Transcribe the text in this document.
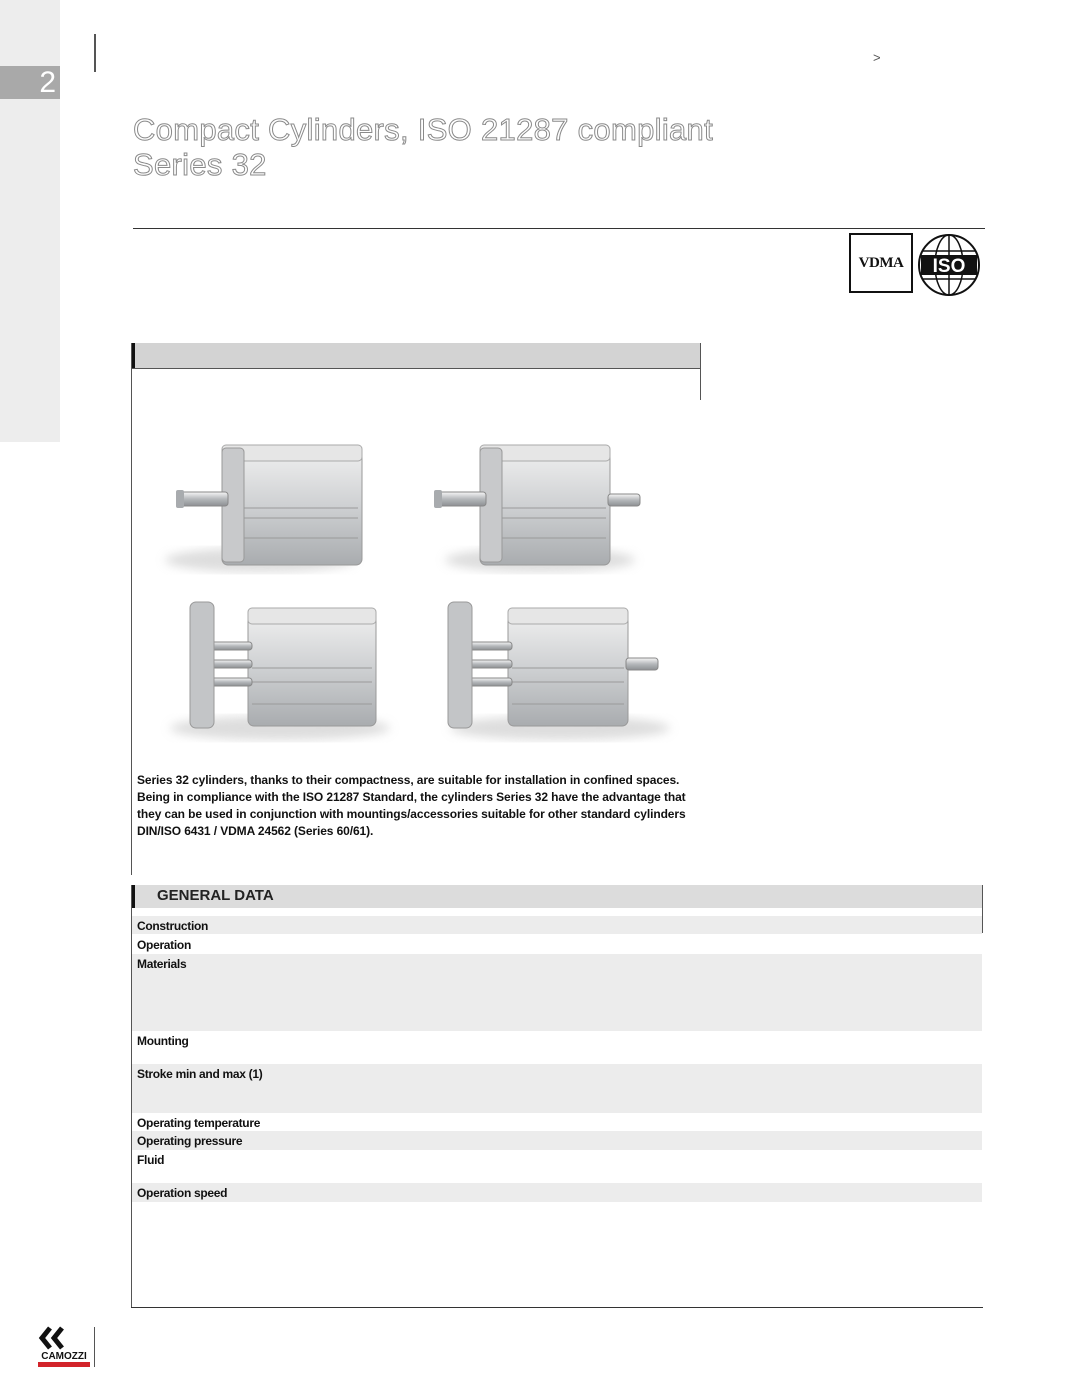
2
>
Compact Cylinders, ISO 21287 compliant
Series 32
VDMA ISO
Series 32 cylinders, thanks to their compactness, are suitable for installation in confined spaces. Being in compliance with the ISO 21287 Standard, the cylinders Series 32 have the advantage that they can be used in conjunction with mountings/accessories suitable for other standard cylinders DIN/ISO 6431 / VDMA 24562 (Series 60/61).
GENERAL DATA
Construction
Operation
Materials
Mounting
Stroke min and max (1)
Operating temperature
Operating pressure
Fluid
Operation speed
CAMOZZI
